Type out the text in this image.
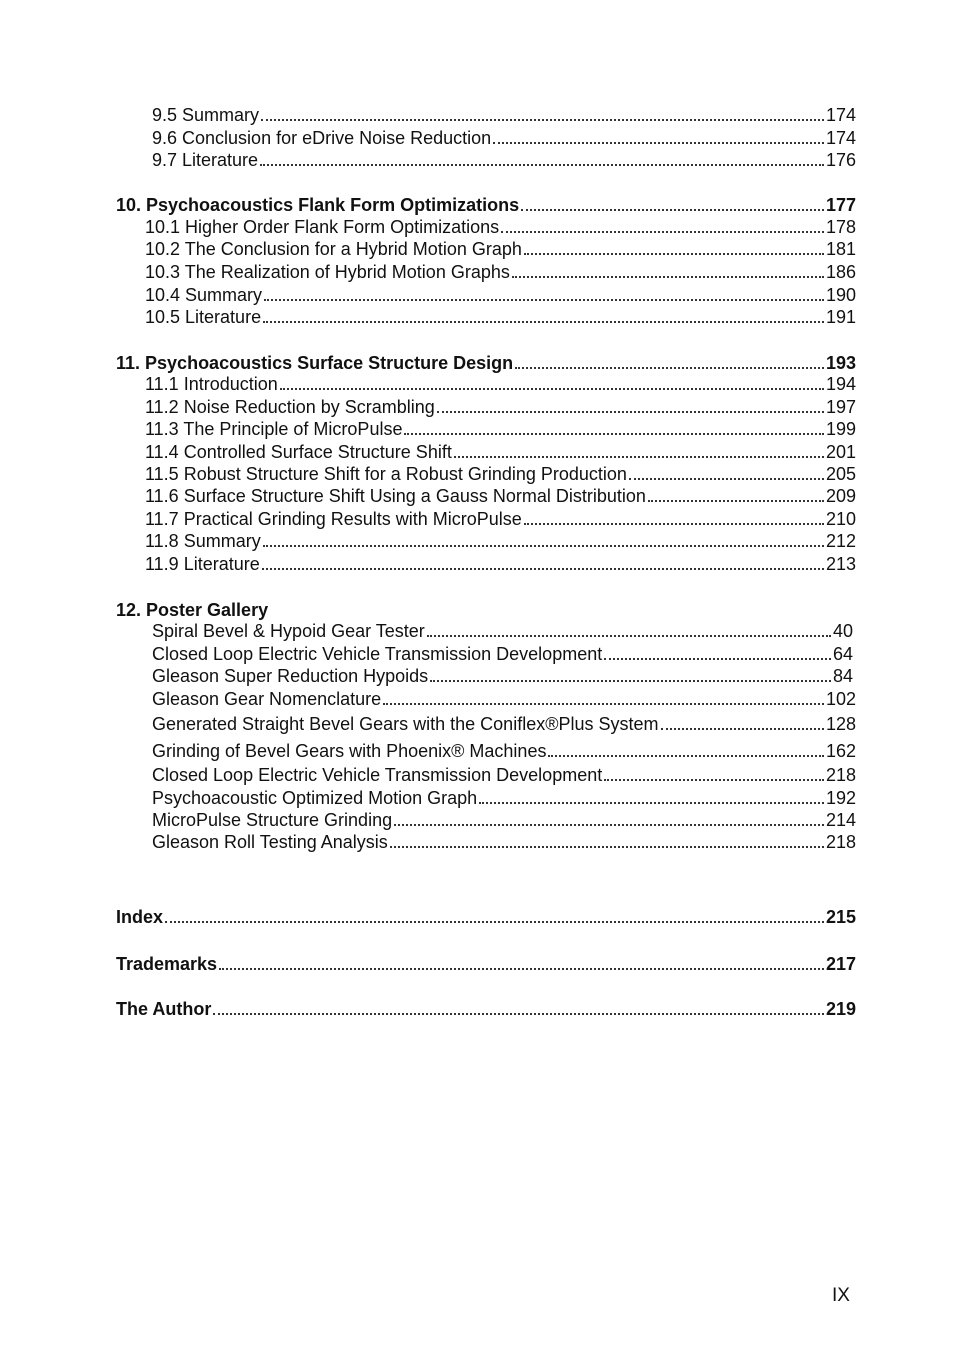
9.5 Summary	174
9.6 Conclusion for eDrive Noise Reduction	174
9.7 Literature	176
10. Psychoacoustics Flank Form Optimizations	177
10.1 Higher Order Flank Form Optimizations	178
10.2 The Conclusion for a Hybrid Motion Graph	181
10.3 The Realization of Hybrid Motion Graphs	186
10.4 Summary	190
10.5 Literature	191
11. Psychoacoustics Surface Structure Design	193
11.1 Introduction	194
11.2 Noise Reduction by Scrambling	197
11.3 The Principle of MicroPulse	199
11.4 Controlled Surface Structure Shift	201
11.5 Robust Structure Shift for a Robust Grinding Production	205
11.6 Surface Structure Shift Using a Gauss Normal Distribution	209
11.7 Practical Grinding Results with MicroPulse	210
11.8 Summary	212
11.9 Literature	213
12. Poster Gallery
Spiral Bevel & Hypoid Gear Tester	40
Closed Loop Electric Vehicle Transmission Development	64
Gleason Super Reduction Hypoids	84
Gleason Gear Nomenclature	102
Generated Straight Bevel Gears with the Coniflex®Plus System	128
Grinding of Bevel Gears with Phoenix® Machines	162
Closed Loop Electric Vehicle Transmission Development	218
Psychoacoustic Optimized Motion Graph	192
MicroPulse Structure Grinding	214
Gleason Roll Testing Analysis	218
Index	215
Trademarks	217
The Author	219
IX
